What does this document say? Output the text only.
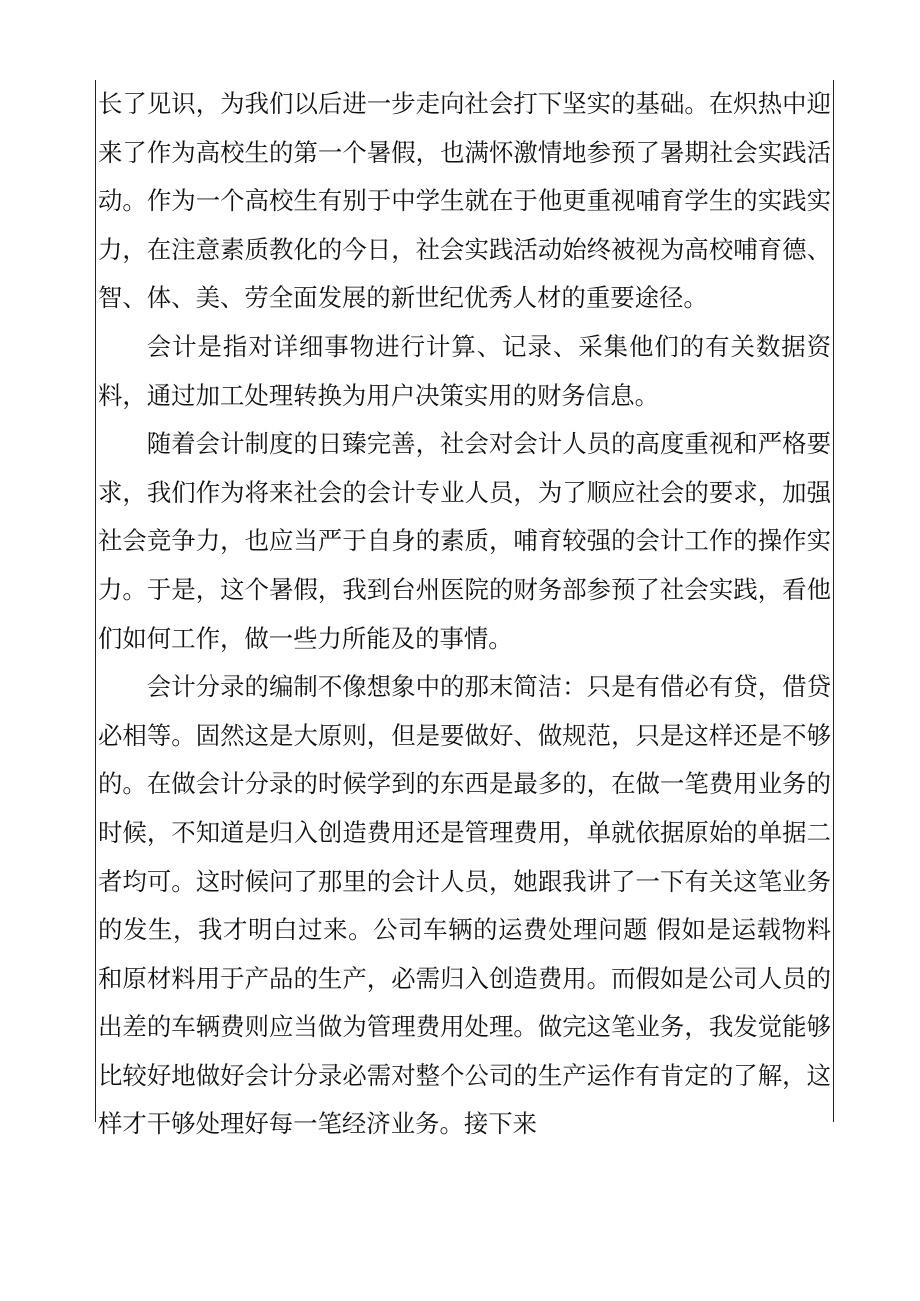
长了见识，为我们以后进一步走向社会打下坚实的基础。在炽热中迎来了作为高校生的第一个暑假，也满怀激情地参预了暑期社会实践活动。作为一个高校生有别于中学生就在于他更重视哺育学生的实践实力，在注意素质教化的今日，社会实践活动始终被视为高校哺育德、智、体、美、劳全面发展的新世纪优秀人材的重要途径。

会计是指对详细事物进行计算、记录、采集他们的有关数据资料，通过加工处理转换为用户决策实用的财务信息。

随着会计制度的日臻完善，社会对会计人员的高度重视和严格要求，我们作为将来社会的会计专业人员，为了顺应社会的要求，加强社会竞争力，也应当严于自身的素质，哺育较强的会计工作的操作实力。于是，这个暑假，我到台州医院的财务部参预了社会实践，看他们如何工作，做一些力所能及的事情。

会计分录的编制不像想象中的那末简洁：只是有借必有贷，借贷必相等。固然这是大原则，但是要做好、做规范，只是这样还是不够的。在做会计分录的时候学到的东西是最多的，在做一笔费用业务的时候，不知道是归入创造费用还是管理费用，单就依据原始的单据二者均可。这时候问了那里的会计人员，她跟我讲了一下有关这笔业务的发生，我才明白过来。公司车辆的运费处理问题 假如是运载物料和原材料用于产品的生产，必需归入创造费用。而假如是公司人员的出差的车辆费则应当做为管理费用处理。做完这笔业务，我发觉能够比较好地做好会计分录必需对整个公司的生产运作有肯定的了解，这样才干够处理好每一笔经济业务。接下来
